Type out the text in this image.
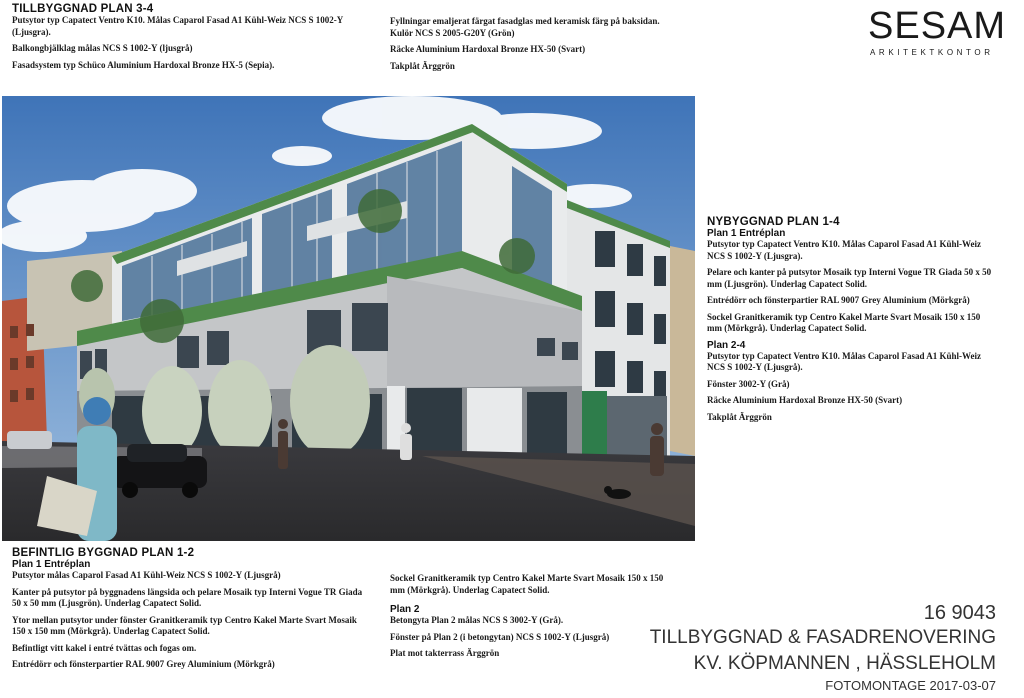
TILLBYGGNAD PLAN 3-4

Putsytor typ Capatect Ventro K10. Målas Caparol Fasad A1 Kühl-Weiz NCS S 1002-Y (Ljusgra).

Balkongbjälklag målas NCS S 1002-Y (ljusgrå)

Fasadsystem typ Schüco Aluminium Hardoxal Bronze HX-5 (Sepia).

Fyllningar emaljerat färgat fasadglas med keramisk färg på baksidan. Kulör NCS S 2005-G20Y (Grön)

Räcke Aluminium Hardoxal Bronze HX-50 (Svart)

Takplåt Ärggrön

SESAM
ARKITEKTKONTOR
NYBYGGNAD PLAN 1-4
Plan 1 Entréplan

Putsytor typ Capatect Ventro K10. Målas Caparol Fasad A1 Kühl-Weiz NCS S 1002-Y (Ljusgra).

Pelare och kanter på putsytor Mosaik typ Interni Vogue TR Giada 50 x 50 mm (Ljusgrön). Underlag Capatect Solid.

Entrédörr och fönsterpartier RAL 9007 Grey Aluminium (Mörkgrå)

Sockel Granitkeramik typ Centro Kakel Marte Svart Mosaik 150 x 150 mm (Mörkgrå). Underlag Capatect Solid.

Plan 2-4

Putsytor typ Capatect Ventro K10. Målas Caparol Fasad A1 Kühl-Weiz NCS S 1002-Y (Ljusgrå).

Fönster 3002-Y (Grå)

Räcke Aluminium Hardoxal Bronze HX-50 (Svart)

Takplåt Ärggrön

BEFINTLIG BYGGNAD PLAN 1-2
Plan 1 Entréplan

Putsytor målas Caparol Fasad A1 Kühl-Weiz NCS S 1002-Y (Ljusgrå)

Kanter på putsytor på byggnadens längsida och pelare Mosaik typ Interni Vogue TR Giada 50 x 50 mm (Ljusgrön). Underlag Capatect Solid.

Ytor mellan putsytor under fönster Granitkeramik typ Centro Kakel Marte Svart Mosaik 150 x 150 mm (Mörkgrå). Underlag Capatect Solid.

Befintligt vitt kakel i entré tvättas och fogas om.

Entrédörr och fönsterpartier RAL 9007 Grey Aluminium (Mörkgrå)

Sockel Granitkeramik typ Centro Kakel Marte Svart Mosaik 150 x 150 mm (Mörkgrå). Underlag Capatect Solid.

Plan 2

Betongyta Plan 2 målas NCS S 3002-Y (Grå).

Fönster på Plan 2 (i betongytan) NCS S 1002-Y (Ljusgrå)

Plat mot takterrass Ärggrön

16 9043
TILLBYGGNAD & FASADRENOVERING
KV. KÖPMANNEN , HÄSSLEHOLM
FOTOMONTAGE 2017-03-07
